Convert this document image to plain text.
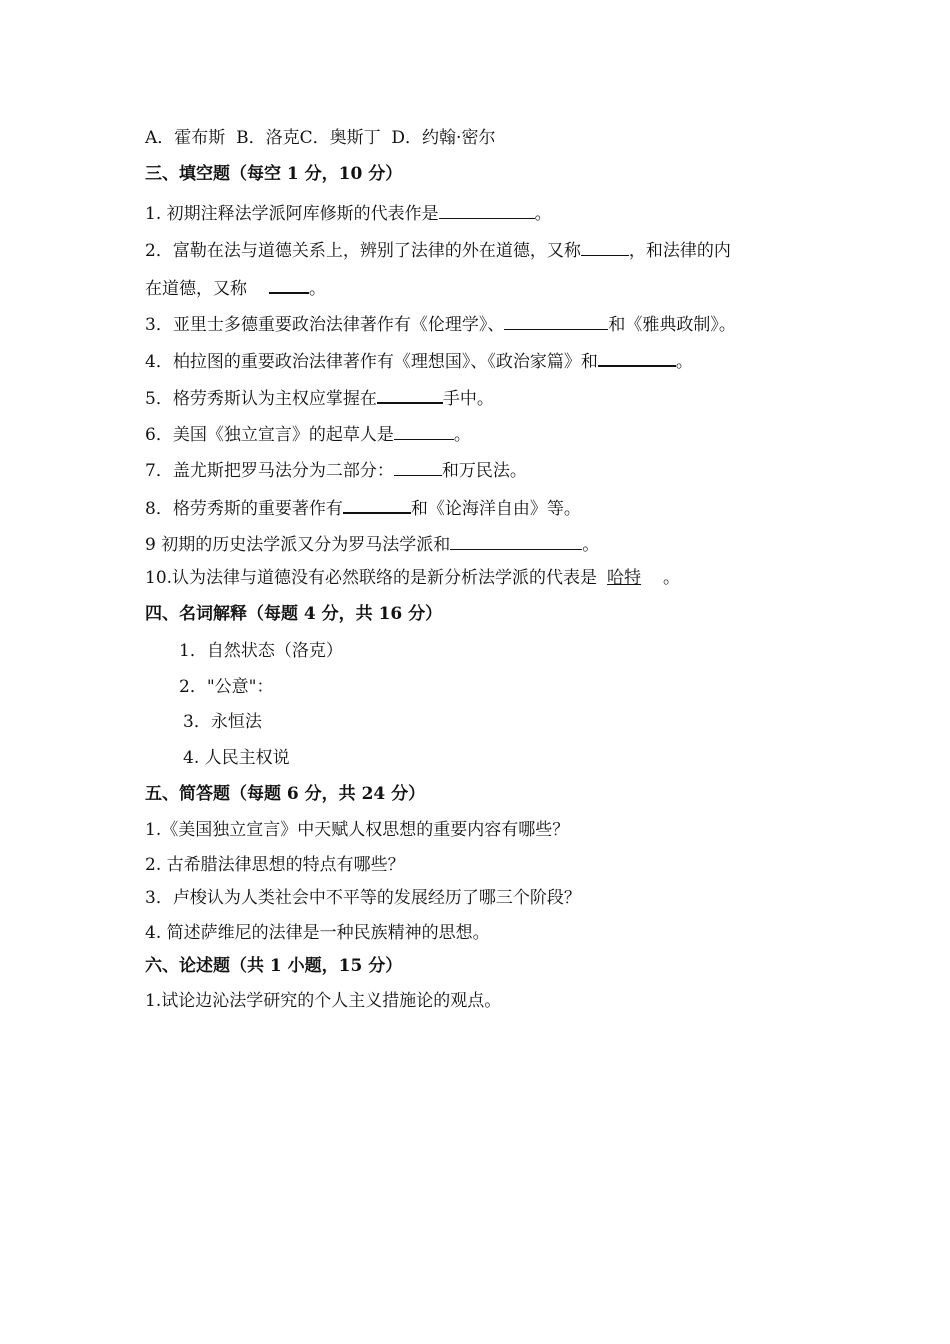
A．霍布斯 B．洛克C．奥斯丁 D．约翰·密尔
三、填空题（每空 1 分，10 分）
1. 初期注释法学派阿库修斯的代表作是	。
2．富勒在法与道德关系上，辨别了法律的外在道德，又称	，和法律的内
在道德，又称	。
3．亚里士多德重要政治法律著作有《伦理学》、	和《雅典政制》。
4．柏拉图的重要政治法律著作有《理想国》、《政治家篇》和	。
5．格劳秀斯认为主权应掌握在	手中。
6．美国《独立宣言》的起草人是	。
7．盖尤斯把罗马法分为二部分：	和万民法。
8．格劳秀斯的重要著作有	和《论海洋自由》等。
9 初期的历史法学派又分为罗马法学派和	。
10.认为法律与道德没有必然联络的是新分析法学派的代表是 哈特 。
四、名词解释（每题 4 分，共 16 分）
1．自然状态（洛克）
2．"公意"：
3．永恒法
4. 人民主权说
五、简答题（每题 6 分，共 24 分）
1.《美国独立宣言》中天赋人权思想的重要内容有哪些？
2. 古希腊法律思想的特点有哪些？
3．卢梭认为人类社会中不平等的发展经历了哪三个阶段？
4. 简述萨维尼的法律是一种民族精神的思想。
六、论述题（共 1 小题，15 分）
1.试论边沁法学研究的个人主义措施论的观点。
